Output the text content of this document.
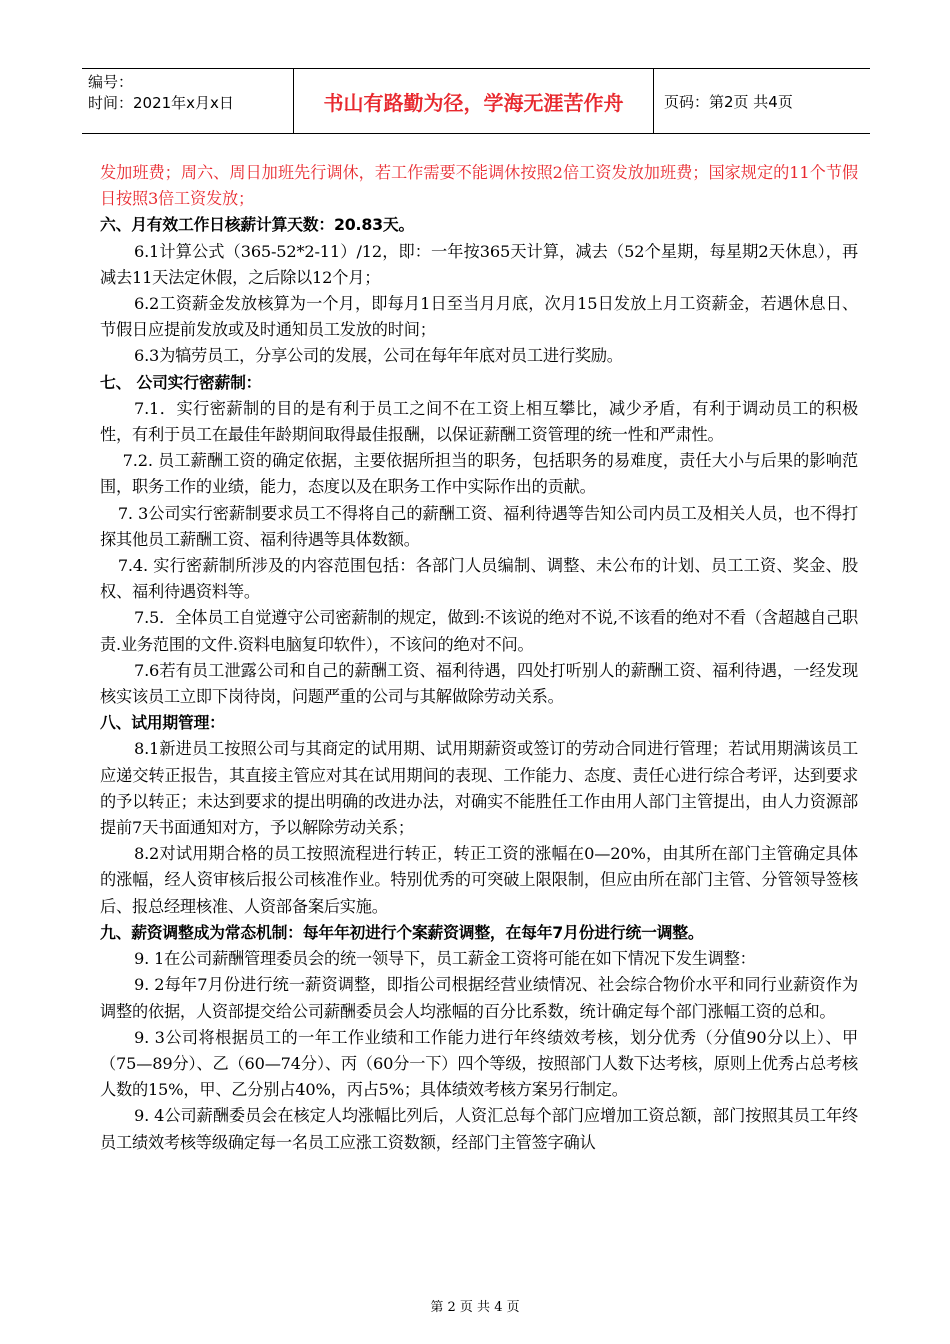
编号：
时间：2021年x月x日	书山有路勤为径，学海无涯苦作舟	页码：第2页 共4页

发加班费；周六、周日加班先行调休，若工作需要不能调休按照2倍工资发放加班费；国家规定的11个节假日按照3倍工资发放；

六、月有效工作日核薪计算天数：20.83天。

6.1计算公式（365-52*2-11）/12，即：一年按365天计算，减去（52个星期，每星期2天休息），再减去11天法定休假，之后除以12个月；

6.2工资薪金发放核算为一个月，即每月1日至当月月底，次月15日发放上月工资薪金，若遇休息日、节假日应提前发放或及时通知员工发放的时间；

6.3为犒劳员工，分享公司的发展，公司在每年年底对员工进行奖励。

七、 公司实行密薪制：

7.1．实行密薪制的目的是有利于员工之间不在工资上相互攀比，减少矛盾，有利于调动员工的积极性，有利于员工在最佳年龄期间取得最佳报酬，以保证薪酬工资管理的统一性和严肃性。

7.2. 员工薪酬工资的确定依据，主要依据所担当的职务，包括职务的易难度，责任大小与后果的影响范围，职务工作的业绩，能力，态度以及在职务工作中实际作出的贡献。

7. 3公司实行密薪制要求员工不得将自己的薪酬工资、福利待遇等告知公司内员工及相关人员，也不得打探其他员工薪酬工资、福利待遇等具体数额。

7.4. 实行密薪制所涉及的内容范围包括：各部门人员编制、调整、未公布的计划、员工工资、奖金、股权、福利待遇资料等。

7.5．全体员工自觉遵守公司密薪制的规定，做到:不该说的绝对不说,不该看的绝对不看（含超越自己职责.业务范围的文件.资料电脑复印软件），不该问的绝对不问。

7.6若有员工泄露公司和自己的薪酬工资、福利待遇，四处打听别人的薪酬工资、福利待遇，一经发现核实该员工立即下岗待岗，问题严重的公司与其解做除劳动关系。

八、试用期管理：

8.1新进员工按照公司与其商定的试用期、试用期薪资或签订的劳动合同进行管理；若试用期满该员工应递交转正报告，其直接主管应对其在试用期间的表现、工作能力、态度、责任心进行综合考评，达到要求的予以转正；未达到要求的提出明确的改进办法，对确实不能胜任工作由用人部门主管提出，由人力资源部提前7天书面通知对方，予以解除劳动关系；

8.2对试用期合格的员工按照流程进行转正，转正工资的涨幅在0—20%，由其所在部门主管确定具体的涨幅，经人资审核后报公司核准作业。特别优秀的可突破上限限制，但应由所在部门主管、分管领导签核后、报总经理核准、人资部备案后实施。

九、薪资调整成为常态机制：每年年初进行个案薪资调整，在每年7月份进行统一调整。

9. 1在公司薪酬管理委员会的统一领导下，员工薪金工资将可能在如下情况下发生调整：

9. 2每年7月份进行统一薪资调整，即指公司根据经营业绩情况、社会综合物价水平和同行业薪资作为调整的依据，人资部提交给公司薪酬委员会人均涨幅的百分比系数，统计确定每个部门涨幅工资的总和。

9. 3公司将根据员工的一年工作业绩和工作能力进行年终绩效考核，划分优秀（分值90分以上）、甲（75—89分）、乙（60—74分）、丙（60分一下）四个等级，按照部门人数下达考核，原则上优秀占总考核人数的15%，甲、乙分别占40%，丙占5%；具体绩效考核方案另行制定。

9. 4公司薪酬委员会在核定人均涨幅比列后，人资汇总每个部门应增加工资总额，部门按照其员工年终员工绩效考核等级确定每一名员工应涨工资数额，经部门主管签字确认

第 2 页 共 4 页
